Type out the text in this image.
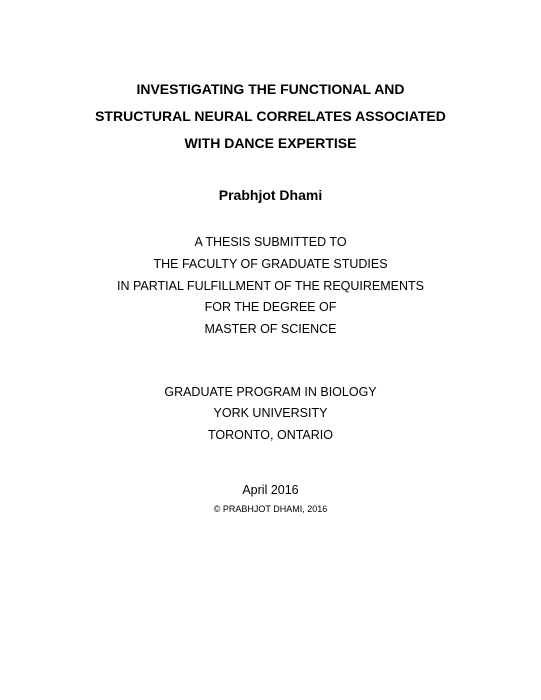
INVESTIGATING THE FUNCTIONAL AND
STRUCTURAL NEURAL CORRELATES ASSOCIATED
WITH DANCE EXPERTISE
Prabhjot Dhami
A THESIS SUBMITTED TO
THE FACULTY OF GRADUATE STUDIES
IN PARTIAL FULFILLMENT OF THE REQUIREMENTS
FOR THE DEGREE OF
MASTER OF SCIENCE
GRADUATE PROGRAM IN BIOLOGY
YORK UNIVERSITY
TORONTO, ONTARIO
April 2016
© PRABHJOT DHAMI, 2016
